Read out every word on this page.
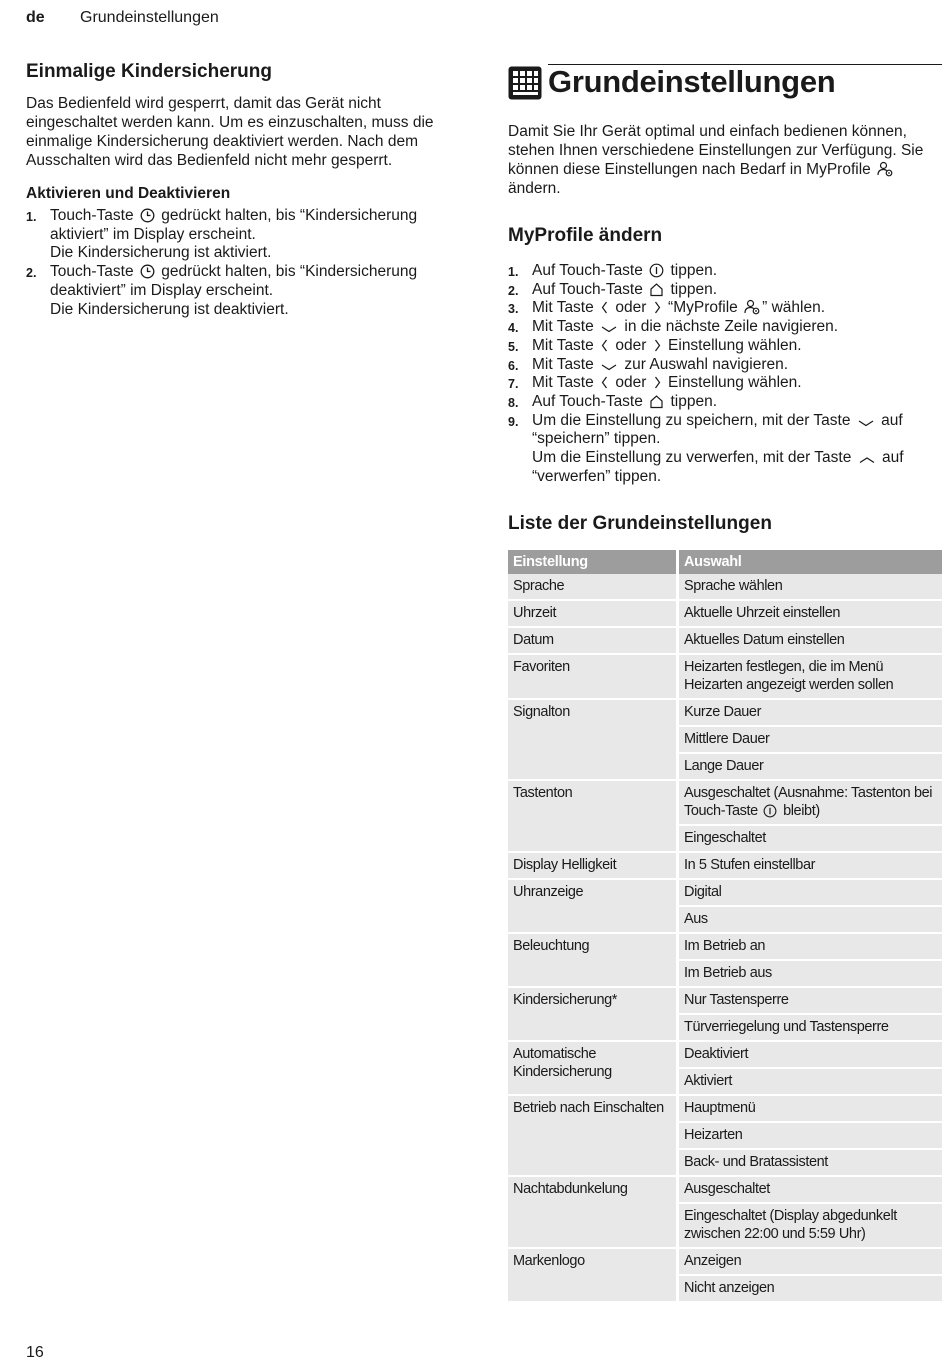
de Grundeinstellungen
Einmalige Kindersicherung

Das Bedienfeld wird gesperrt, damit das Gerät nicht eingeschaltet werden kann. Um es einzuschalten, muss die einmalige Kindersicherung deaktiviert werden. Nach dem Ausschalten wird das Bedienfeld nicht mehr gesperrt.

Aktivieren und Deaktivieren
1. Touch-Taste gedrückt halten, bis “Kindersicherung aktiviert” im Display erscheint.
Die Kindersicherung ist aktiviert.
2. Touch-Taste gedrückt halten, bis “Kindersicherung deaktiviert” im Display erscheint.
Die Kindersicherung ist deaktiviert.
Grundeinstellungen

Damit Sie Ihr Gerät optimal und einfach bedienen können, stehen Ihnen verschiedene Einstellungen zur Verfügung. Sie können diese Einstellungen nach Bedarf in MyProfile  ändern.

MyProfile ändern
1. Auf Touch-Taste tippen.
2. Auf Touch-Taste tippen.
3. Mit Taste oder “MyProfile ” wählen.
4. Mit Taste in die nächste Zeile navigieren.
5. Mit Taste oder Einstellung wählen.
6. Mit Taste zur Auswahl navigieren.
7. Mit Taste oder Einstellung wählen.
8. Auf Touch-Taste tippen.
9. Um die Einstellung zu speichern, mit der Taste auf “speichern” tippen.
Um die Einstellung zu verwerfen, mit der Taste auf “verwerfen” tippen.
Liste der Grundeinstellungen
Einstellung	Auswahl
Sprache	Sprache wählen
Uhrzeit	Aktuelle Uhrzeit einstellen
Datum	Aktuelles Datum einstellen
Favoriten	Heizarten festlegen, die im Menü Heizarten angezeigt werden sollen
Signalton	Kurze Dauer
	Mittlere Dauer
	Lange Dauer
Tastenton	Ausgeschaltet (Ausnahme: Tastenton bei Touch-Taste bleibt)
	Eingeschaltet
Display Helligkeit	In 5 Stufen einstellbar
Uhranzeige	Digital
	Aus
Beleuchtung	Im Betrieb an
	Im Betrieb aus
Kindersicherung*	Nur Tastensperre
	Türverriegelung und Tastensperre
Automatische Kindersicherung	Deaktiviert
	Aktiviert
Betrieb nach Einschalten	Hauptmenü
	Heizarten
	Back- und Bratassistent
Nachtabdunkelung	Ausgeschaltet
	Eingeschaltet (Display abgedunkelt zwischen 22:00 und 5:59 Uhr)
Markenlogo	Anzeigen
	Nicht anzeigen
16
